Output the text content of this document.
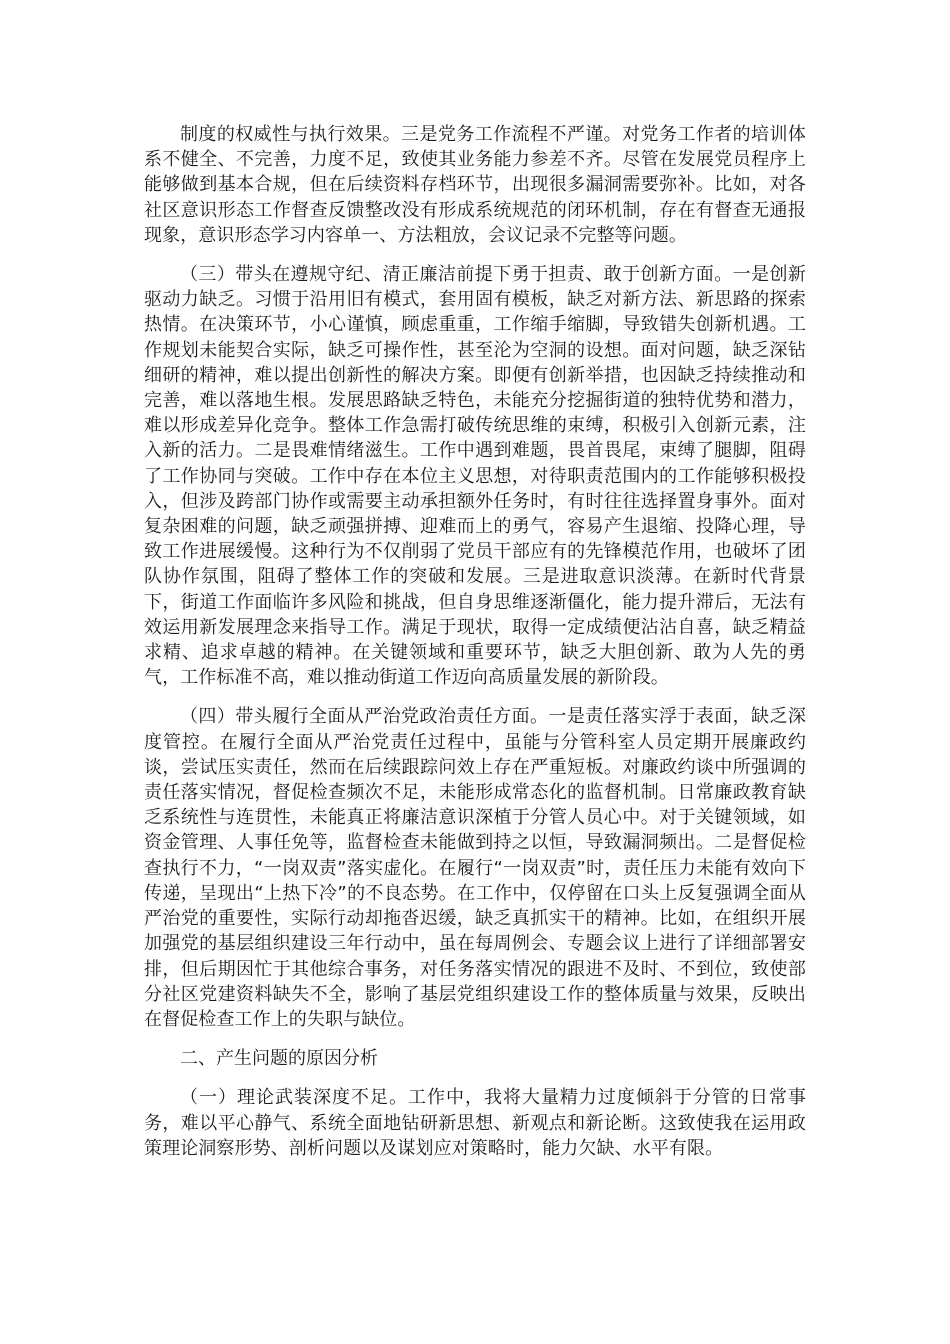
制度的权威性与执行效果。三是党务工作流程不严谨。对党务工作者的培训体系不健全、不完善，力度不足，致使其业务能力参差不齐。尽管在发展党员程序上能够做到基本合规，但在后续资料存档环节，出现很多漏洞需要弥补。比如，对各社区意识形态工作督查反馈整改没有形成系统规范的闭环机制，存在有督查无通报现象，意识形态学习内容单一、方法粗放，会议记录不完整等问题。

（三）带头在遵规守纪、清正廉洁前提下勇于担责、敢于创新方面。一是创新驱动力缺乏。习惯于沿用旧有模式，套用固有模板，缺乏对新方法、新思路的探索热情。在决策环节，小心谨慎，顾虑重重，工作缩手缩脚，导致错失创新机遇。工作规划未能契合实际，缺乏可操作性，甚至沦为空洞的设想。面对问题，缺乏深钻细研的精神，难以提出创新性的解决方案。即便有创新举措，也因缺乏持续推动和完善，难以落地生根。发展思路缺乏特色，未能充分挖掘街道的独特优势和潜力，难以形成差异化竞争。整体工作急需打破传统思维的束缚，积极引入创新元素，注入新的活力。二是畏难情绪滋生。工作中遇到难题，畏首畏尾，束缚了腿脚，阻碍了工作协同与突破。工作中存在本位主义思想，对待职责范围内的工作能够积极投入，但涉及跨部门协作或需要主动承担额外任务时，有时往往选择置身事外。面对复杂困难的问题，缺乏顽强拼搏、迎难而上的勇气，容易产生退缩、投降心理，导致工作进展缓慢。这种行为不仅削弱了党员干部应有的先锋模范作用，也破坏了团队协作氛围，阻碍了整体工作的突破和发展。三是进取意识淡薄。在新时代背景下，街道工作面临许多风险和挑战，但自身思维逐渐僵化，能力提升滞后，无法有效运用新发展理念来指导工作。满足于现状，取得一定成绩便沾沾自喜，缺乏精益求精、追求卓越的精神。在关键领域和重要环节，缺乏大胆创新、敢为人先的勇气，工作标准不高，难以推动街道工作迈向高质量发展的新阶段。

（四）带头履行全面从严治党政治责任方面。一是责任落实浮于表面，缺乏深度管控。在履行全面从严治党责任过程中，虽能与分管科室人员定期开展廉政约谈，尝试压实责任，然而在后续跟踪问效上存在严重短板。对廉政约谈中所强调的责任落实情况，督促检查频次不足，未能形成常态化的监督机制。日常廉政教育缺乏系统性与连贯性，未能真正将廉洁意识深植于分管人员心中。对于关键领域，如资金管理、人事任免等，监督检查未能做到持之以恒，导致漏洞频出。二是督促检查执行不力，“一岗双责”落实虚化。在履行“一岗双责”时，责任压力未能有效向下传递，呈现出“上热下冷”的不良态势。在工作中，仅停留在口头上反复强调全面从严治党的重要性，实际行动却拖沓迟缓，缺乏真抓实干的精神。比如，在组织开展加强党的基层组织建设三年行动中，虽在每周例会、专题会议上进行了详细部署安排，但后期因忙于其他综合事务，对任务落实情况的跟进不及时、不到位，致使部分社区党建资料缺失不全，影响了基层党组织建设工作的整体质量与效果，反映出在督促检查工作上的失职与缺位。

二、产生问题的原因分析

（一）理论武装深度不足。工作中，我将大量精力过度倾斜于分管的日常事务，难以平心静气、系统全面地钻研新思想、新观点和新论断。这致使我在运用政策理论洞察形势、剖析问题以及谋划应对策略时，能力欠缺、水平有限。
